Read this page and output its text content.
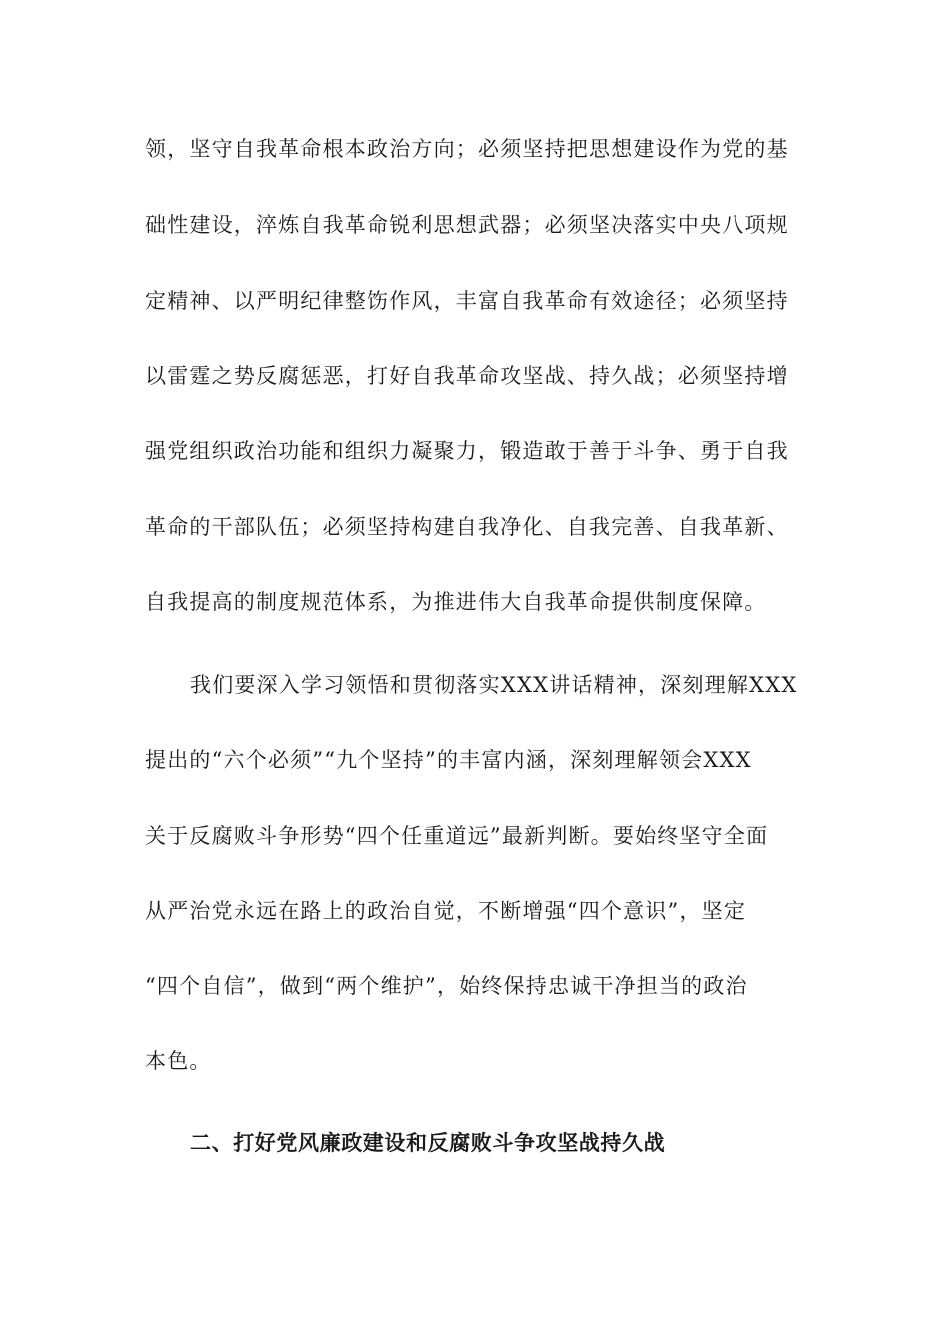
领，坚守自我革命根本政治方向；必须坚持把思想建设作为党的基
础性建设，淬炼自我革命锐利思想武器；必须坚决落实中央八项规
定精神、以严明纪律整饬作风，丰富自我革命有效途径；必须坚持
以雷霆之势反腐惩恶，打好自我革命攻坚战、持久战；必须坚持增
强党组织政治功能和组织力凝聚力，锻造敢于善于斗争、勇于自我
革命的干部队伍；必须坚持构建自我净化、自我完善、自我革新、
自我提高的制度规范体系，为推进伟大自我革命提供制度保障。
我们要深入学习领悟和贯彻落实XXX讲话精神，深刻理解XXX
提出的“六个必须”“九个坚持”的丰富内涵，深刻理解领会XXX
关于反腐败斗争形势“四个任重道远”最新判断。要始终坚守全面
从严治党永远在路上的政治自觉，不断增强“四个意识”，坚定
“四个自信”，做到“两个维护”，始终保持忠诚干净担当的政治
本色。
二、打好党风廉政建设和反腐败斗争攻坚战持久战
